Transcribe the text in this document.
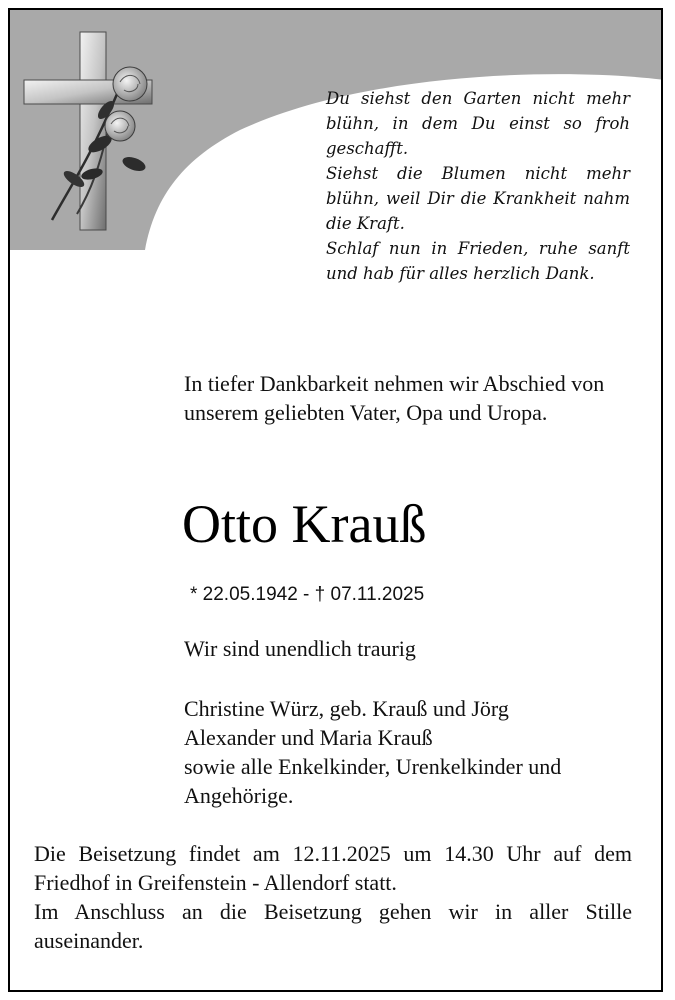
Du siehst den Garten nicht mehr blühn, in dem Du einst so froh geschafft.

Siehst die Blumen nicht mehr blühn, weil Dir die Krankheit nahm die Kraft.

Schlaf nun in Frieden, ruhe sanft und hab für alles herzlich Dank.

In tiefer Dankbarkeit nehmen wir Abschied von unserem geliebten Vater, Opa und Uropa.
Otto Krauß
* 22.05.1942 - † 07.11.2025
Wir sind unendlich traurig

Christine Würz, geb. Krauß und Jörg

Alexander und Maria Krauß

sowie alle Enkelkinder, Urenkelkinder und Angehörige.

Die Beisetzung findet am 12.11.2025 um 14.30 Uhr auf dem Friedhof in Greifenstein - Allendorf statt.

Im Anschluss an die Beisetzung gehen wir in aller Stille auseinander.
